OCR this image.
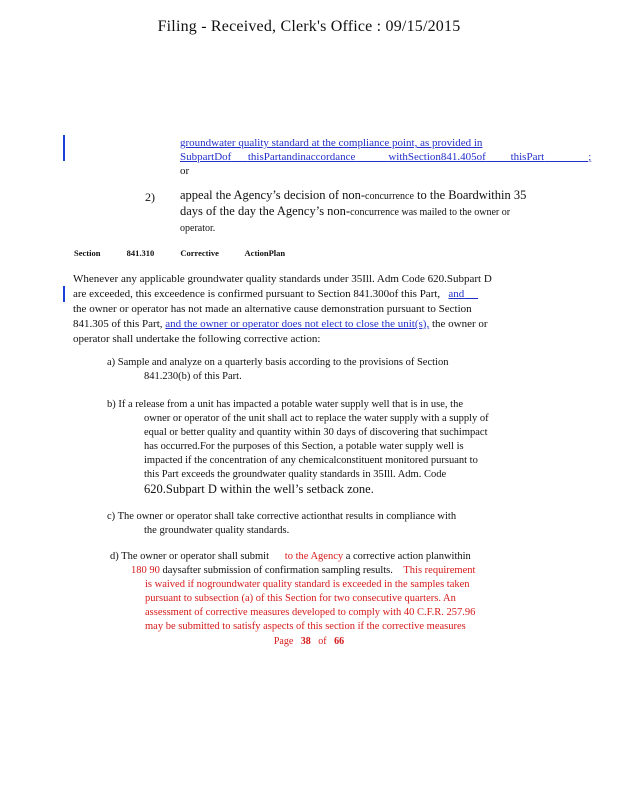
Filing - Received, Clerk's Office : 09/15/2015
groundwater quality standard at the compliance point, as provided in
SubpartDof thisPartandinaccordance	withSection841.405of thisPart	;
or
2) appeal the Agency’s decision of non-concurrence to the Boardwithin 35
days of the day the Agency’s non-concurrence was mailed to the owner or
operator.
Section	841.310	Corrective	ActionPlan
Whenever any applicable groundwater quality standards under 35Ill. Adm Code 620.Subpart D
are exceeded, this exceedence is confirmed pursuant to Section 841.300of this Part, and
the owner or operator has not made an alternative cause demonstration pursuant to Section
841.305 of this Part, and the owner or operator does not elect to close the unit(s), the owner or
operator shall undertake the following corrective action:
a) Sample and analyze on a quarterly basis according to the provisions of Section
841.230(b) of this Part.
b) If a release from a unit has impacted a potable water supply well that is in use, the
owner or operator of the unit shall act to replace the water supply with a supply of
equal or better quality and quantity within 30 days of discovering that suchimpact
has occurred.For the purposes of this Section, a potable water supply well is
impacted if the concentration of any chemicalconstituent monitored pursuant to
this Part exceeds the groundwater quality standards in 35Ill. Adm. Code
620.Subpart D within the well’s setback zone.
c) The owner or operator shall take corrective actionthat results in compliance with
the groundwater quality standards.
d) The owner or operator shall submit to the Agency a corrective action planwithin
180 90 daysafter submission of confirmation sampling results. This requirement
is waived if nogroundwater quality standard is exceeded in the samples taken
pursuant to subsection (a) of this Section for two consecutive quarters. An
assessment of corrective measures developed to comply with 40 C.F.R. 257.96
may be submitted to satisfy aspects of this section if the corrective measures
Page 38 of 66
